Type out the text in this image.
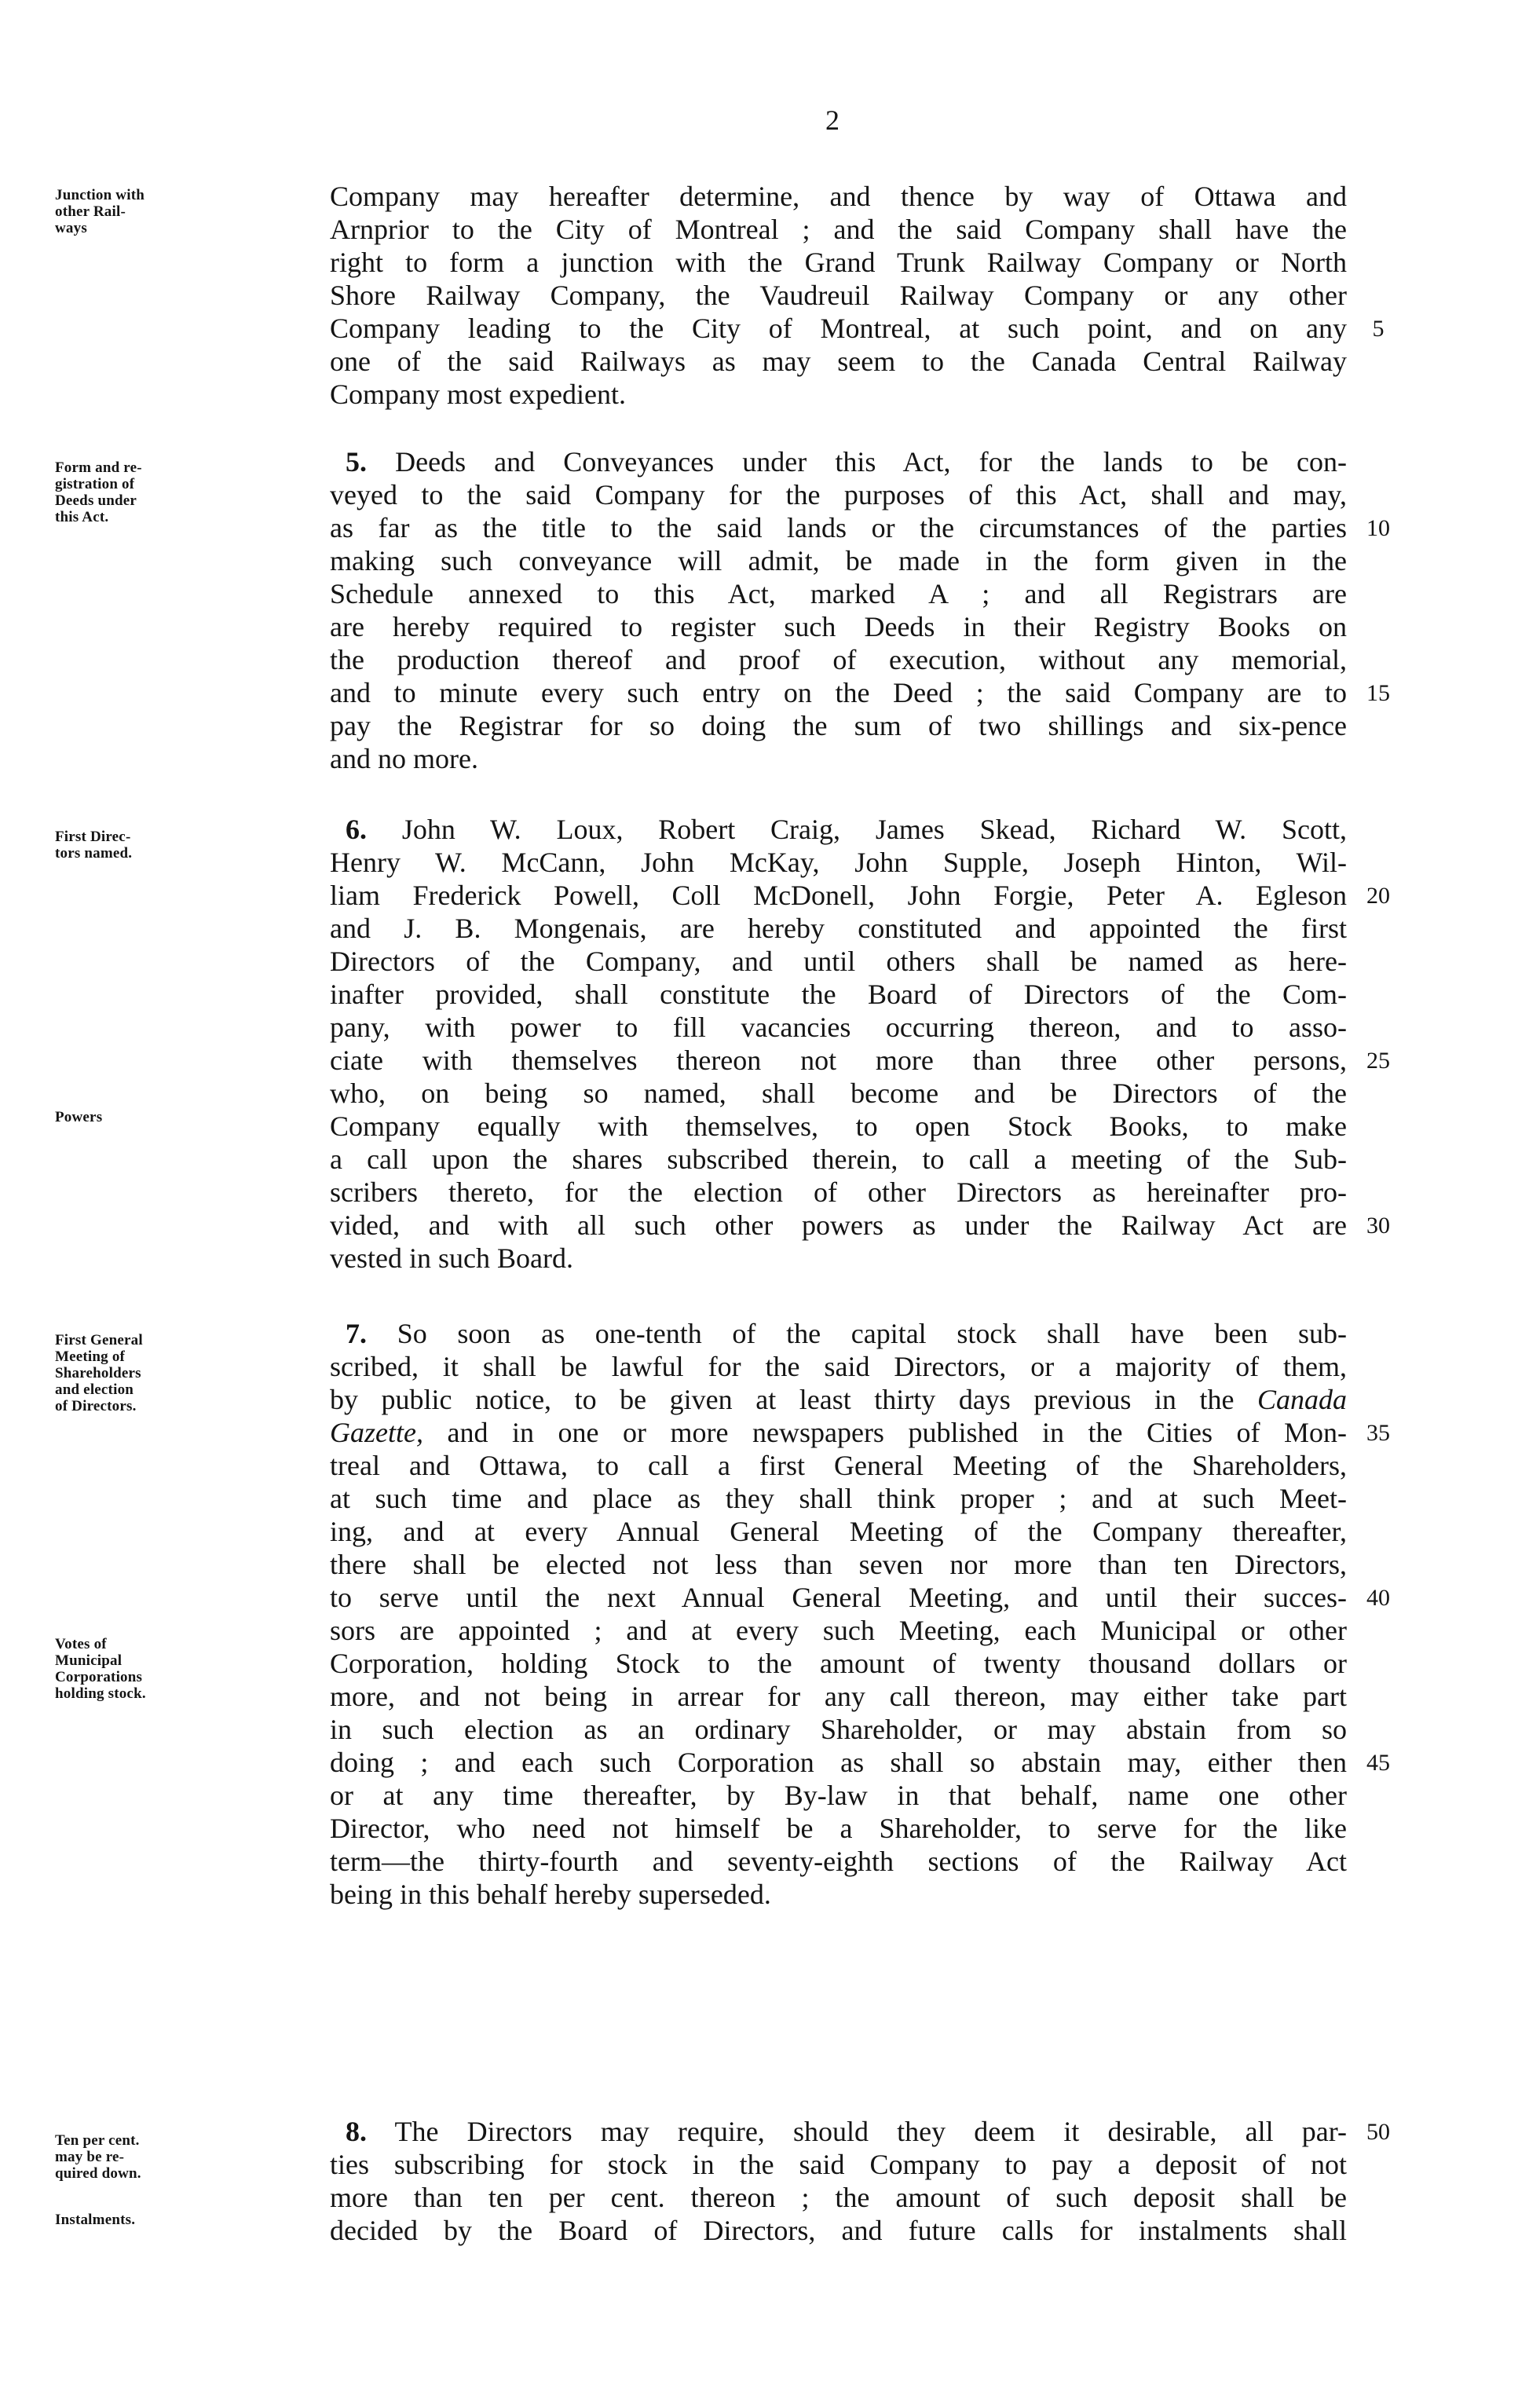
2
Junction with
other Rail-
ways
Form and re-
gistration of
Deeds under
this Act.
First Direc-
tors named.
Powers
First General
Meeting of
Shareholders
and election
of Directors.
Votes of
Municipal
Corporations
holding stock.
Ten per cent.
may be re-
quired down.
Instalments.
Company may hereafter determine, and thence by way of Ottawa and
Arnprior to the City of Montreal ; and the said Company shall have the
right to form a junction with the Grand Trunk Railway Company or North
Shore Railway Company, the Vaudreuil Railway Company or any other
Company leading to the City of Montreal, at such point, and on any
one of the said Railways as may seem to the Canada Central Railway
Company most expedient.
5. Deeds and Conveyances under this Act, for the lands to be con-
veyed to the said Company for the purposes of this Act, shall and may,
as far as the title to the said lands or the circumstances of the parties
making such conveyance will admit, be made in the form given in the
Schedule annexed to this Act, marked A ; and all Registrars are
are hereby required to register such Deeds in their Registry Books on
the production thereof and proof of execution, without any memorial,
and to minute every such entry on the Deed ; the said Company are to
pay the Registrar for so doing the sum of two shillings and six-pence
and no more.
6. John W. Loux, Robert Craig, James Skead, Richard W. Scott,
Henry W. McCann, John McKay, John Supple, Joseph Hinton, Wil-
liam Frederick Powell, Coll McDonell, John Forgie, Peter A. Egleson
and J. B. Mongenais, are hereby constituted and appointed the first
Directors of the Company, and until others shall be named as here-
inafter provided, shall constitute the Board of Directors of the Com-
pany, with power to fill vacancies occurring thereon, and to asso-
ciate with themselves thereon not more than three other persons,
who, on being so named, shall become and be Directors of the
Company equally with themselves, to open Stock Books, to make
a call upon the shares subscribed therein, to call a meeting of the Sub-
scribers thereto, for the election of other Directors as hereinafter pro-
vided, and with all such other powers as under the Railway Act are
vested in such Board.
7. So soon as one-tenth of the capital stock shall have been sub-
scribed, it shall be lawful for the said Directors, or a majority of them,
by public notice, to be given at least thirty days previous in the Canada
Gazette, and in one or more newspapers published in the Cities of Mon-
treal and Ottawa, to call a first General Meeting of the Shareholders,
at such time and place as they shall think proper ; and at such Meet-
ing, and at every Annual General Meeting of the Company thereafter,
there shall be elected not less than seven nor more than ten Directors,
to serve until the next Annual General Meeting, and until their succes-
sors are appointed ; and at every such Meeting, each Municipal or other
Corporation, holding Stock to the amount of twenty thousand dollars or
more, and not being in arrear for any call thereon, may either take part
in such election as an ordinary Shareholder, or may abstain from so
doing ; and each such Corporation as shall so abstain may, either then
or at any time thereafter, by By-law in that behalf, name one other
Director, who need not himself be a Shareholder, to serve for the like
term—the thirty-fourth and seventy-eighth sections of the Railway Act
being in this behalf hereby superseded.
8. The Directors may require, should they deem it desirable, all par-
ties subscribing for stock in the said Company to pay a deposit of not
more than ten per cent. thereon ; the amount of such deposit shall be
decided by the Board of Directors, and future calls for instalments shall
5
10
15
20
25
30
35
40
45
50
